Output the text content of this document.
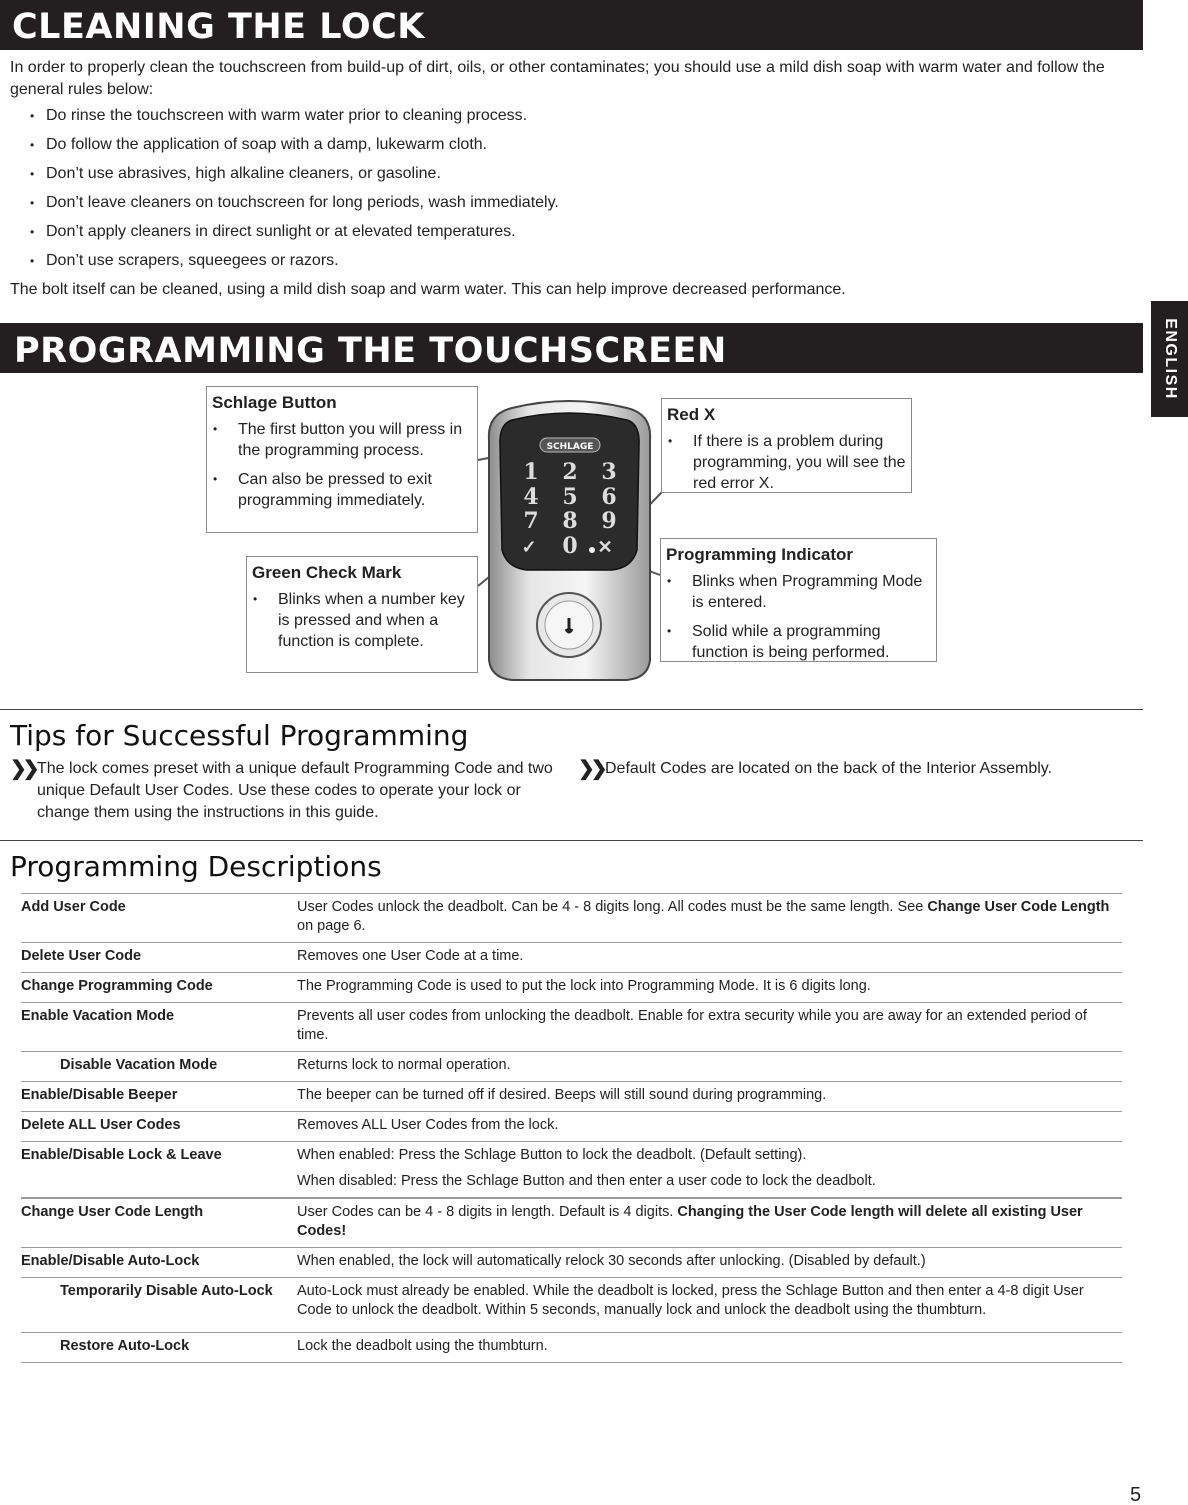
CLEANING THE LOCK

In order to properly clean the touchscreen from build-up of dirt, oils, or other contaminates; you should use a mild dish soap with warm water and follow the general rules below:

• Do rinse the touchscreen with warm water prior to cleaning process.
• Do follow the application of soap with a damp, lukewarm cloth.
• Don’t use abrasives, high alkaline cleaners, or gasoline.
• Don’t leave cleaners on touchscreen for long periods, wash immediately.
• Don’t apply cleaners in direct sunlight or at elevated temperatures.
• Don’t use scrapers, squeegees or razors.

The bolt itself can be cleaned, using a mild dish soap and warm water. This can help improve decreased performance.

ENGLISH
PROGRAMMING THE TOUCHSCREEN
SCHLAGE
1 2 3
4 5 6
7 8 9
✓ 0 ✕
Schlage Button
• The first button you will press in the programming process.
• Can also be pressed to exit programming immediately.
Red X
• If there is a problem during programming, you will see the red error X.
Green Check Mark
• Blinks when a number key is pressed and when a function is complete.
Programming Indicator
• Blinks when Programming Mode is entered.
• Solid while a programming function is being performed.
Tips for Successful Programming
❯❯ The lock comes preset with a unique default Programming Code and two unique Default User Codes. Use these codes to operate your lock or change them using the instructions in this guide.
❯❯ Default Codes are located on the back of the Interior Assembly.
Programming Descriptions
Add User Code	User Codes unlock the deadbolt. Can be 4 - 8 digits long. All codes must be the same length. See Change User Code Length on page 6.
Delete User Code	Removes one User Code at a time.
Change Programming Code	The Programming Code is used to put the lock into Programming Mode. It is 6 digits long.
Enable Vacation Mode	Prevents all user codes from unlocking the deadbolt. Enable for extra security while you are away for an extended period of time.
Disable Vacation Mode	Returns lock to normal operation.
Enable/Disable Beeper	The beeper can be turned off if desired. Beeps will still sound during programming.
Delete ALL User Codes	Removes ALL User Codes from the lock.
Enable/Disable Lock & Leave	When enabled: Press the Schlage Button to lock the deadbolt. (Default setting).
When disabled: Press the Schlage Button and then enter a user code to lock the deadbolt.

Change User Code Length	User Codes can be 4 - 8 digits in length. Default is 4 digits. Changing the User Code length will delete all existing User Codes!
Enable/Disable Auto-Lock	When enabled, the lock will automatically relock 30 seconds after unlocking. (Disabled by default.)
Temporarily Disable Auto-Lock	Auto-Lock must already be enabled. While the deadbolt is locked, press the Schlage Button and then enter a 4-8 digit User Code to unlock the deadbolt. Within 5 seconds, manually lock and unlock the deadbolt using the thumbturn.
Restore Auto-Lock	Lock the deadbolt using the thumbturn.
5
